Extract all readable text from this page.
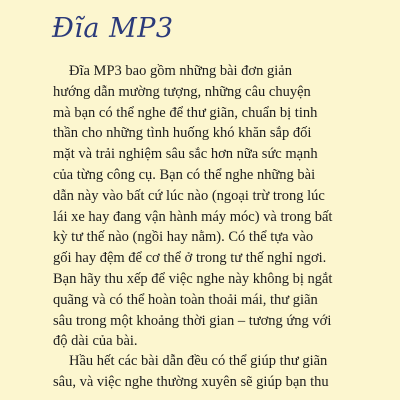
Đĩa MP3
Đĩa MP3 bao gồm những bài đơn giản
hướng dẫn mường tượng, những câu chuyện
mà bạn có thể nghe để thư giãn, chuẩn bị tinh
thần cho những tình huống khó khăn sắp đối
mặt và trải nghiệm sâu sắc hơn nữa sức mạnh
của từng công cụ. Bạn có thể nghe những bài
dẫn này vào bất cứ lúc nào (ngoại trừ trong lúc
lái xe hay đang vận hành máy móc) và trong bất
kỳ tư thế nào (ngồi hay nằm). Có thể tựa vào
gối hay đệm để cơ thể ở trong tư thế nghỉ ngơi.
Bạn hãy thu xếp để việc nghe này không bị ngắt
quãng và có thể hoàn toàn thoải mái, thư giãn
sâu trong một khoảng thời gian – tương ứng với
độ dài của bài.
Hầu hết các bài dẫn đều có thể giúp thư giãn
sâu, và việc nghe thường xuyên sẽ giúp bạn thu
